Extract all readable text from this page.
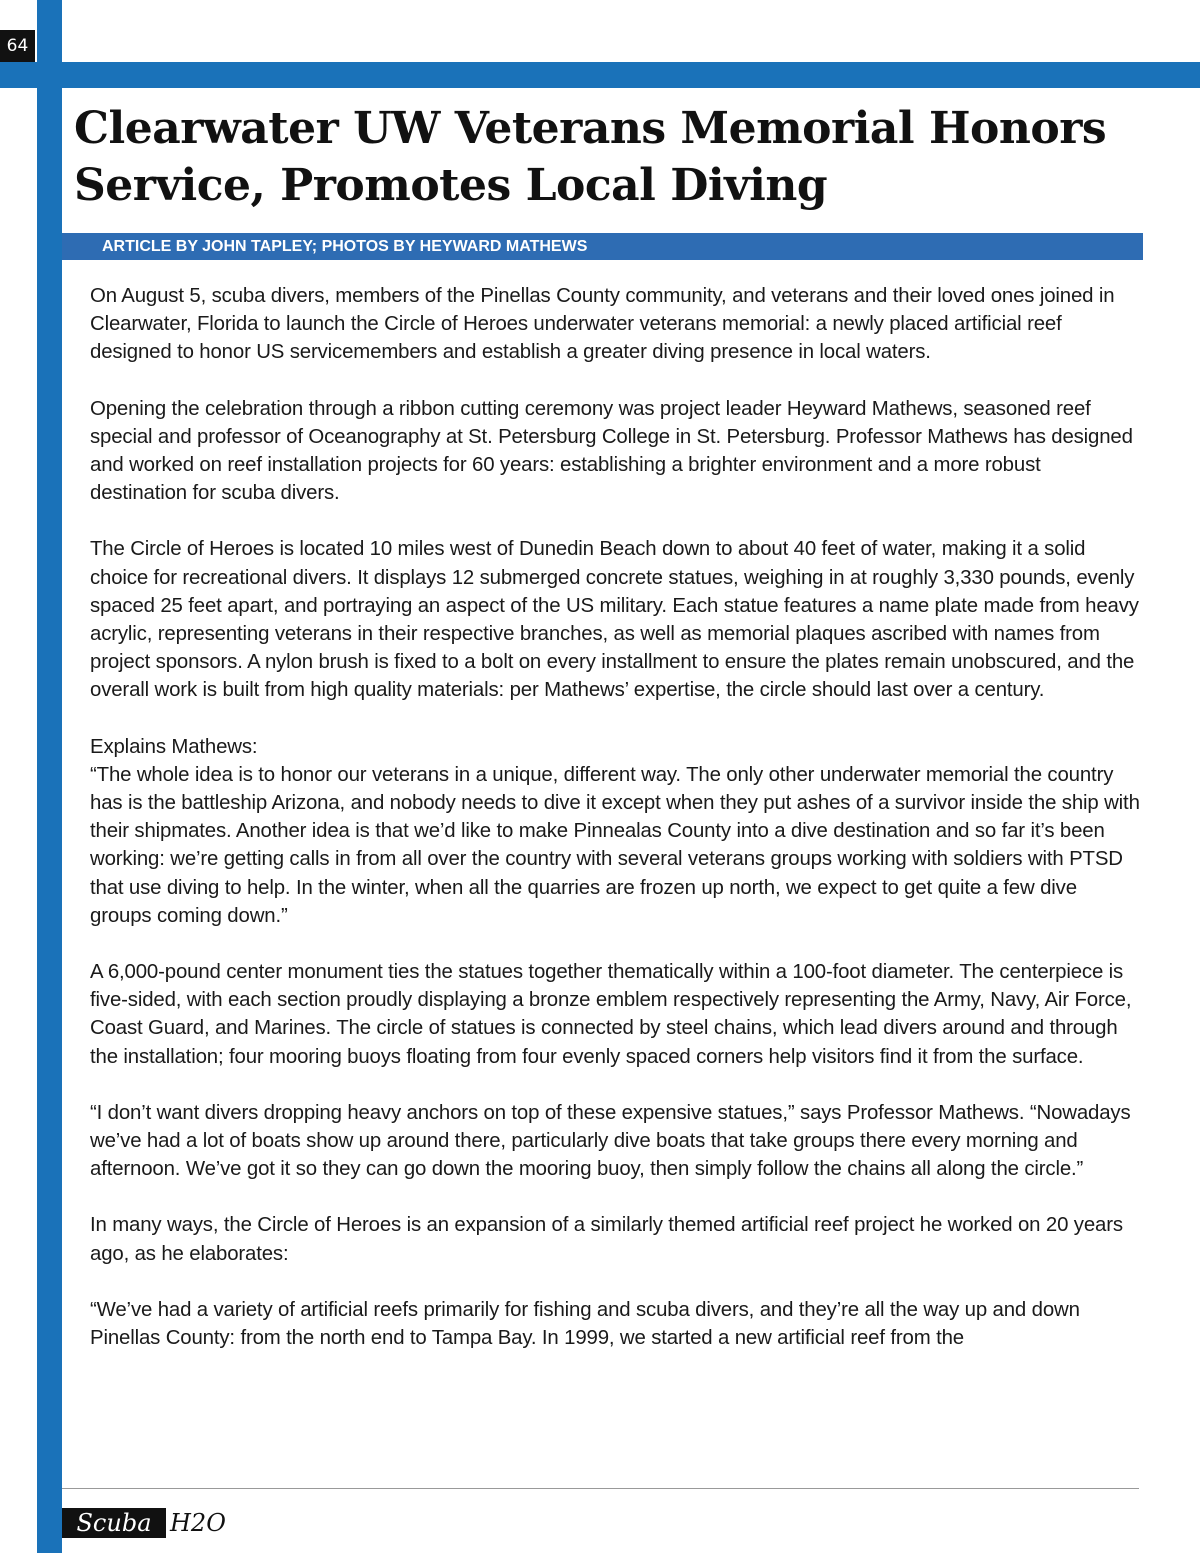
64
Clearwater UW Veterans Memorial Honors Service, Promotes Local Diving
ARTICLE BY JOHN TAPLEY; PHOTOS BY HEYWARD MATHEWS

On August 5, scuba divers, members of the Pinellas County community, and veterans and their loved ones joined in Clearwater, Florida to launch the Circle of Heroes underwater veterans memorial: a newly placed artificial reef designed to honor US servicemembers and establish a greater diving presence in local waters.

Opening the celebration through a ribbon cutting ceremony was project leader Heyward Mathews, seasoned reef special and professor of Oceanography at St. Petersburg College in St. Petersburg. Professor Mathews has designed and worked on reef installation projects for 60 years: establishing a brighter environment and a more robust destination for scuba divers.

The Circle of Heroes is located 10 miles west of Dunedin Beach down to about 40 feet of water, making it a solid choice for recreational divers. It displays 12 submerged concrete statues, weighing in at roughly 3,330 pounds, evenly spaced 25 feet apart, and portraying an aspect of the US military. Each statue features a name plate made from heavy acrylic, representing veterans in their respective branches, as well as memorial plaques ascribed with names from project sponsors. A nylon brush is fixed to a bolt on every installment to ensure the plates remain unobscured, and the overall work is built from high quality materials: per Mathews’ expertise, the circle should last over a century.

Explains Mathews:
“The whole idea is to honor our veterans in a unique, different way. The only other underwater memorial the country has is the battleship Arizona, and nobody needs to dive it except when they put ashes of a survivor inside the ship with their shipmates. Another idea is that we’d like to make Pinnealas County into a dive destination and so far it’s been working: we’re getting calls in from all over the country with several veterans groups working with soldiers with PTSD that use diving to help. In the winter, when all the quarries are frozen up north, we expect to get quite a few dive groups coming down.”

A 6,000-pound center monument ties the statues together thematically within a 100-foot diameter. The centerpiece is five-sided, with each section proudly displaying a bronze emblem respectively representing the Army, Navy, Air Force, Coast Guard, and Marines. The circle of statues is connected by steel chains, which lead divers around and through the installation; four mooring buoys floating from four evenly spaced corners help visitors find it from the surface.

“I don’t want divers dropping heavy anchors on top of these expensive statues,” says Professor Mathews. “Nowadays we’ve had a lot of boats show up around there, particularly dive boats that take groups there every morning and afternoon. We’ve got it so they can go down the mooring buoy, then simply follow the chains all along the circle.”

In many ways, the Circle of Heroes is an expansion of a similarly themed artificial reef project he worked on 20 years ago, as he elaborates:

“We’ve had a variety of artificial reefs primarily for fishing and scuba divers, and they’re all the way up and down Pinellas County: from the north end to Tampa Bay. In 1999, we started a new artificial reef from the

Scuba H2O
